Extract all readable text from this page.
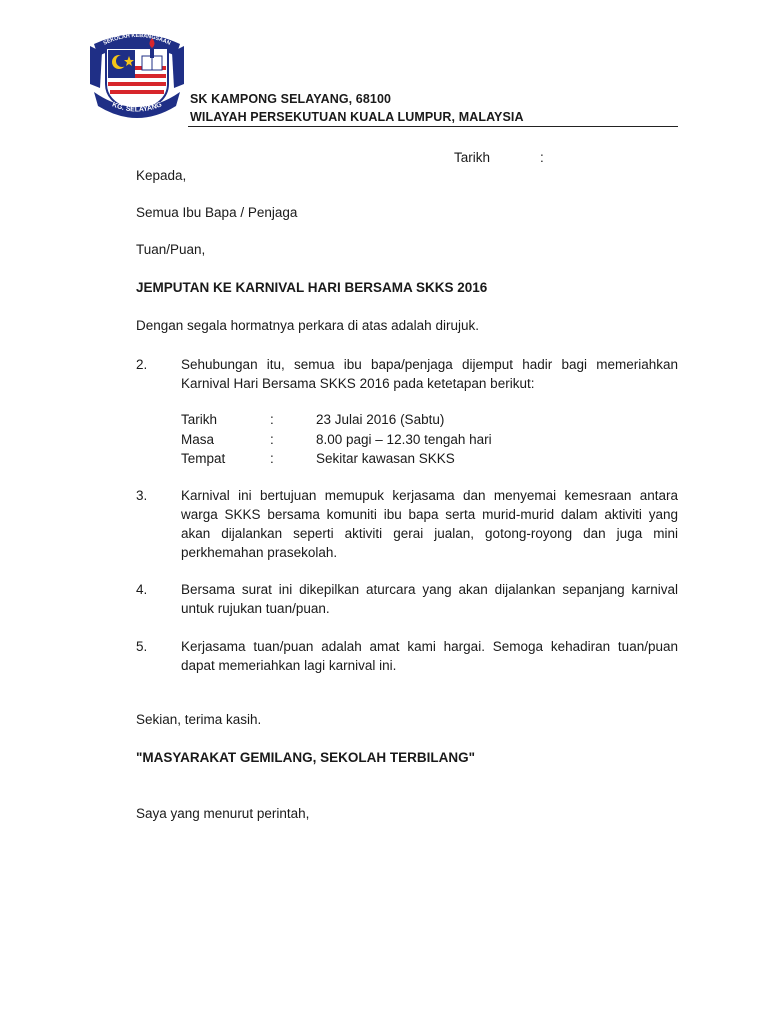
SEKOLAH KEBANGSAAN
KG. SELAYANG SK KAMPONG SELAYANG, 68100
WILAYAH PERSEKUTUAN KUALA LUMPUR, MALAYSIA
Tarikh	:
Kepada,
Semua Ibu Bapa / Penjaga
Tuan/Puan,
JEMPUTAN KE KARNIVAL HARI BERSAMA SKKS 2016
Dengan segala hormatnya perkara di atas adalah dirujuk.
2. Sehubungan itu, semua ibu bapa/penjaga dijemput hadir bagi memeriahkan Karnival Hari Bersama SKKS 2016 pada ketetapan berikut:
Tarikh	:	23 Julai 2016 (Sabtu)
Masa	:	8.00 pagi – 12.30 tengah hari
Tempat	:	Sekitar kawasan SKKS
3. Karnival ini bertujuan memupuk kerjasama dan menyemai kemesraan antara warga SKKS bersama komuniti ibu bapa serta murid-murid dalam aktiviti yang akan dijalankan seperti aktiviti gerai jualan, gotong-royong dan juga mini perkhemahan prasekolah.
4. Bersama surat ini dikepilkan aturcara yang akan dijalankan sepanjang karnival untuk rujukan tuan/puan.
5. Kerjasama tuan/puan adalah amat kami hargai. Semoga kehadiran tuan/puan dapat memeriahkan lagi karnival ini.
Sekian, terima kasih.
"MASYARAKAT GEMILANG, SEKOLAH TERBILANG"
Saya yang menurut perintah,
